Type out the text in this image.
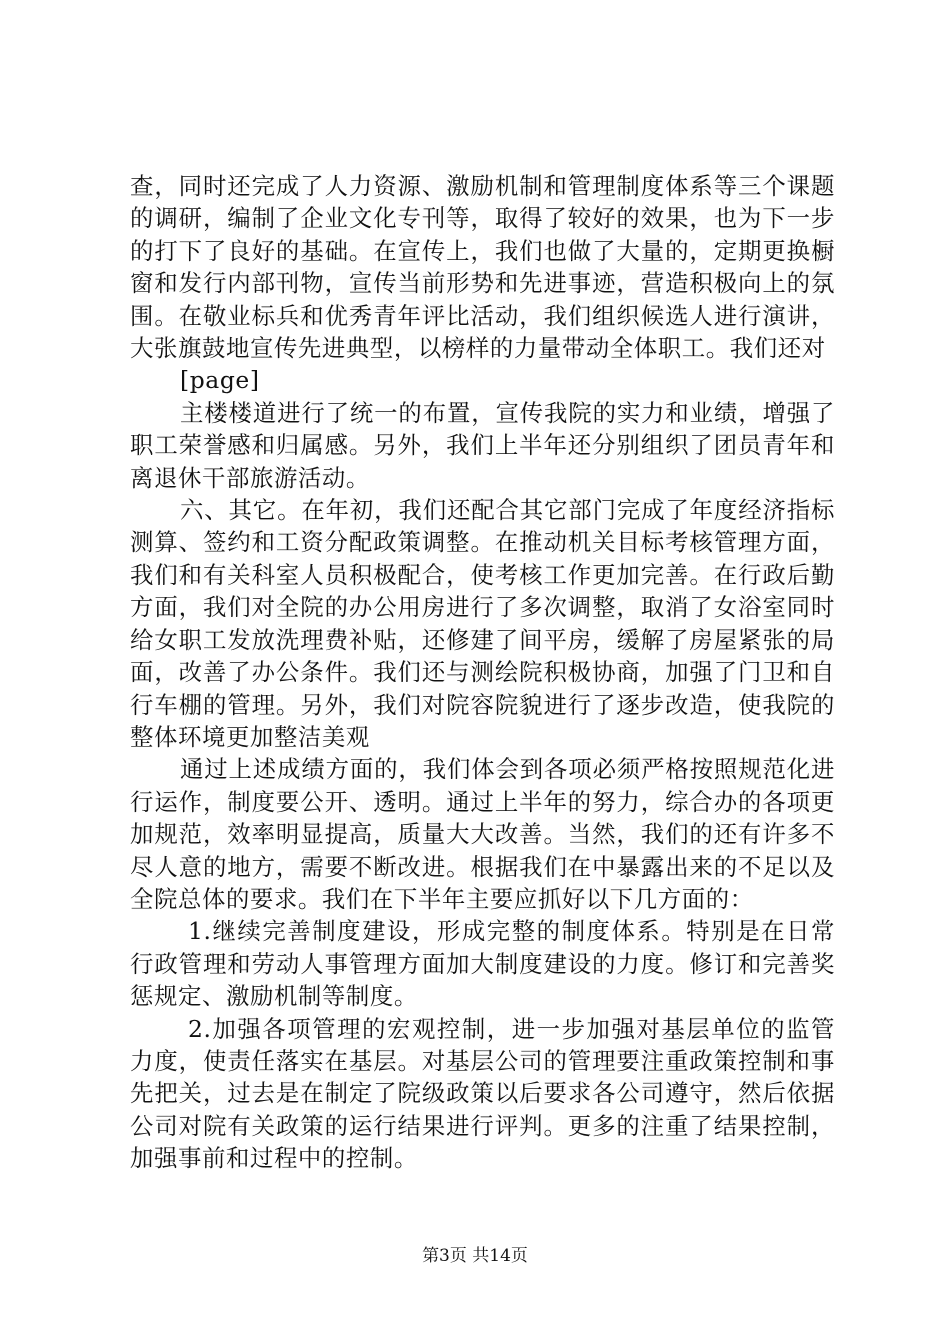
查，同时还完成了人力资源、激励机制和管理制度体系等三个课题的调研，编制了企业文化专刊等，取得了较好的效果，也为下一步的打下了良好的基础。在宣传上，我们也做了大量的，定期更换橱窗和发行内部刊物，宣传当前形势和先进事迹，营造积极向上的氛围。在敬业标兵和优秀青年评比活动，我们组织候选人进行演讲，大张旗鼓地宣传先进典型，以榜样的力量带动全体职工。我们还对

[page]

主楼楼道进行了统一的布置，宣传我院的实力和业绩，增强了职工荣誉感和归属感。另外，我们上半年还分别组织了团员青年和离退休干部旅游活动。

六、其它。在年初，我们还配合其它部门完成了年度经济指标测算、签约和工资分配政策调整。在推动机关目标考核管理方面，我们和有关科室人员积极配合，使考核工作更加完善。在行政后勤方面，我们对全院的办公用房进行了多次调整，取消了女浴室同时给女职工发放洗理费补贴，还修建了间平房，缓解了房屋紧张的局面，改善了办公条件。我们还与测绘院积极协商，加强了门卫和自行车棚的管理。另外，我们对院容院貌进行了逐步改造，使我院的整体环境更加整洁美观

通过上述成绩方面的，我们体会到各项必须严格按照规范化进行运作，制度要公开、透明。通过上半年的努力，综合办的各项更加规范，效率明显提高，质量大大改善。当然，我们的还有许多不尽人意的地方，需要不断改进。根据我们在中暴露出来的不足以及全院总体的要求。我们在下半年主要应抓好以下几方面的：

1.继续完善制度建设，形成完整的制度体系。特别是在日常行政管理和劳动人事管理方面加大制度建设的力度。修订和完善奖惩规定、激励机制等制度。

2.加强各项管理的宏观控制，进一步加强对基层单位的监管力度，使责任落实在基层。对基层公司的管理要注重政策控制和事先把关，过去是在制定了院级政策以后要求各公司遵守，然后依据公司对院有关政策的运行结果进行评判。更多的注重了结果控制，加强事前和过程中的控制。

第3页 共14页
